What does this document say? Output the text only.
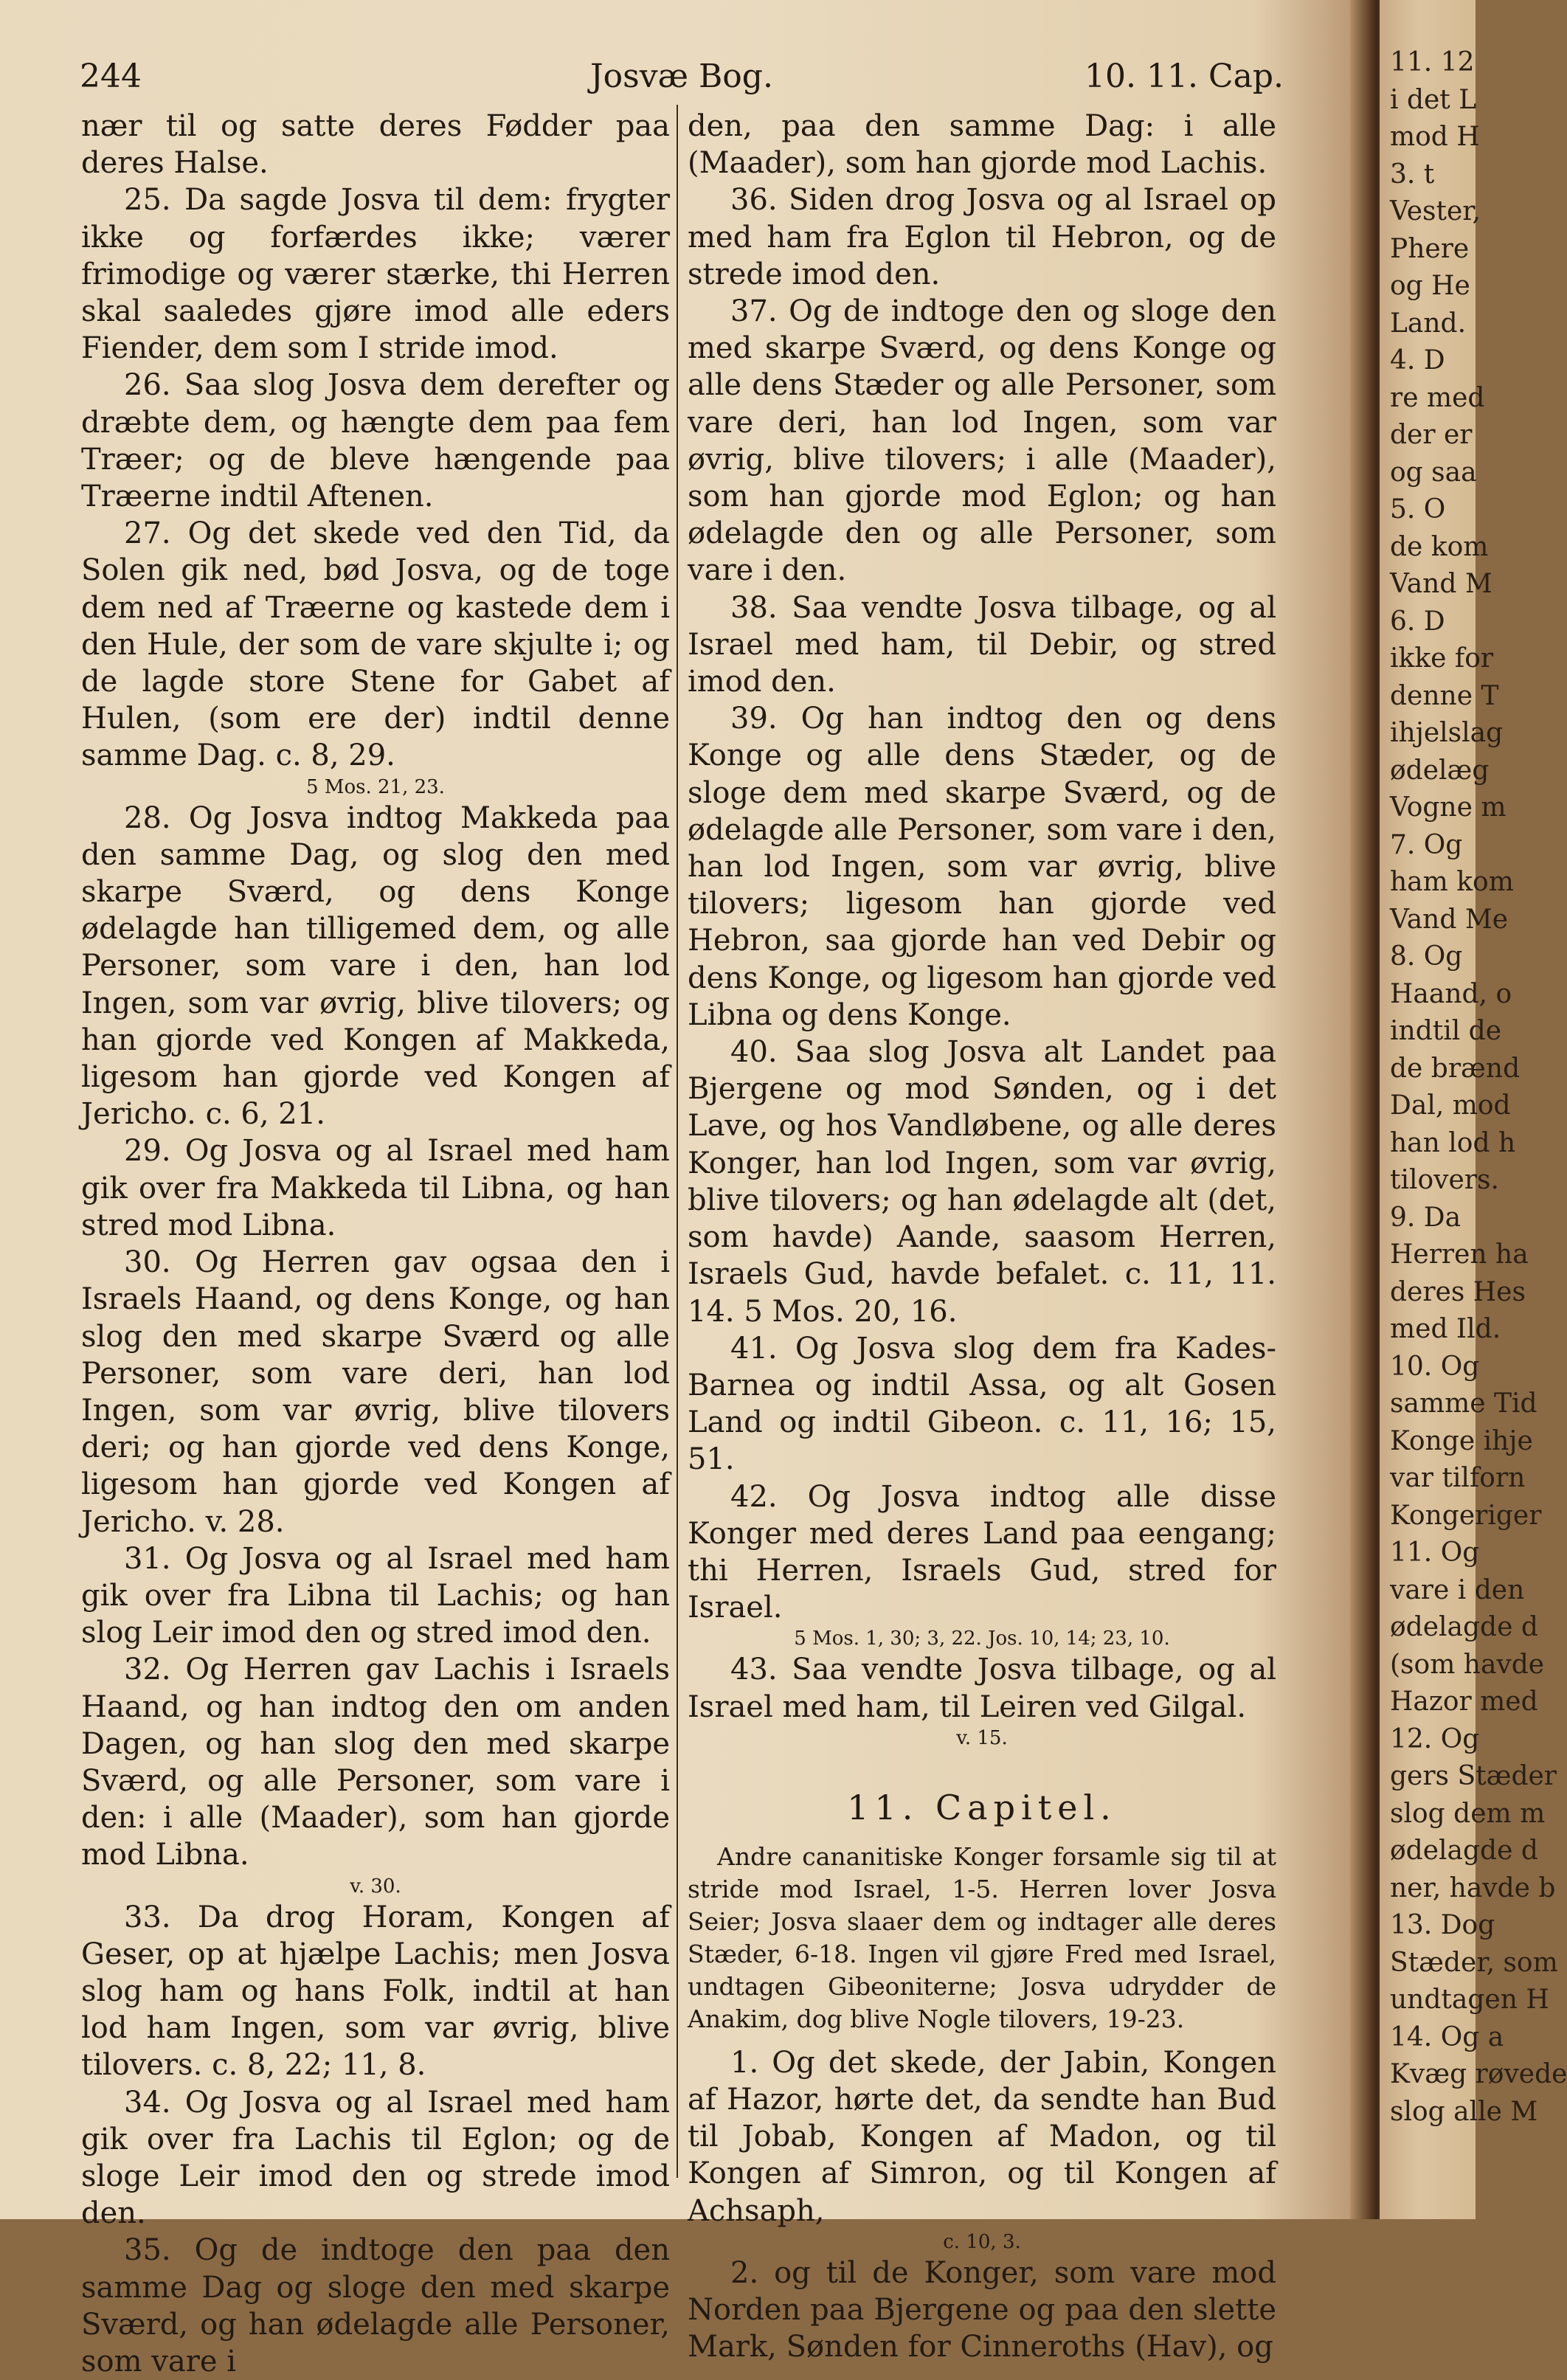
244	Josvæ Bog.	10. 11. Cap.

nær til og satte deres Fødder paa deres Halse.

25. Da sagde Josva til dem: frygter ikke og forfærdes ikke; værer frimodige og værer stærke, thi Herren skal saaledes gjøre imod alle eders Fiender, dem som I stride imod.

26. Saa slog Josva dem derefter og dræbte dem, og hængte dem paa fem Træer; og de bleve hængende paa Træerne indtil Aftenen.

27. Og det skede ved den Tid, da Solen gik ned, bød Josva, og de toge dem ned af Træerne og kastede dem i den Hule, der som de vare skjulte i; og de lagde store Stene for Gabet af Hulen, (som ere der) indtil denne samme Dag. c. 8, 29.

5 Mos. 21, 23.

28. Og Josva indtog Makkeda paa den samme Dag, og slog den med skarpe Sværd, og dens Konge ødelagde han tilligemed dem, og alle Personer, som vare i den, han lod Ingen, som var øvrig, blive tilovers; og han gjorde ved Kongen af Makkeda, ligesom han gjorde ved Kongen af Jericho. c. 6, 21.

29. Og Josva og al Israel med ham gik over fra Makkeda til Libna, og han stred mod Libna.

30. Og Herren gav ogsaa den i Israels Haand, og dens Konge, og han slog den med skarpe Sværd og alle Personer, som vare deri, han lod Ingen, som var øvrig, blive tilovers deri; og han gjorde ved dens Konge, ligesom han gjorde ved Kongen af Jericho. v. 28.

31. Og Josva og al Israel med ham gik over fra Libna til Lachis; og han slog Leir imod den og stred imod den.

32. Og Herren gav Lachis i Israels Haand, og han indtog den om anden Dagen, og han slog den med skarpe Sværd, og alle Personer, som vare i den: i alle (Maader), som han gjorde mod Libna.

v. 30.

33. Da drog Horam, Kongen af Geser, op at hjælpe Lachis; men Josva slog ham og hans Folk, indtil at han lod ham Ingen, som var øvrig, blive tilovers. c. 8, 22; 11, 8.

34. Og Josva og al Israel med ham gik over fra Lachis til Eglon; og de sloge Leir imod den og strede imod den.

35. Og de indtoge den paa den samme Dag og sloge den med skarpe Sværd, og han ødelagde alle Personer, som vare i

den, paa den samme Dag: i alle (Maader), som han gjorde mod Lachis.

36. Siden drog Josva og al Israel op med ham fra Eglon til Hebron, og de strede imod den.

37. Og de indtoge den og sloge den med skarpe Sværd, og dens Konge og alle dens Stæder og alle Personer, som vare deri, han lod Ingen, som var øvrig, blive tilovers; i alle (Maader), som han gjorde mod Eglon; og han ødelagde den og alle Personer, som vare i den.

38. Saa vendte Josva tilbage, og al Israel med ham, til Debir, og stred imod den.

39. Og han indtog den og dens Konge og alle dens Stæder, og de sloge dem med skarpe Sværd, og de ødelagde alle Personer, som vare i den, han lod Ingen, som var øvrig, blive tilovers; ligesom han gjorde ved Hebron, saa gjorde han ved Debir og dens Konge, og ligesom han gjorde ved Libna og dens Konge.

40. Saa slog Josva alt Landet paa Bjergene og mod Sønden, og i det Lave, og hos Vandløbene, og alle deres Konger, han lod Ingen, som var øvrig, blive tilovers; og han ødelagde alt (det, som havde) Aande, saasom Herren, Israels Gud, havde befalet. c. 11, 11. 14. 5 Mos. 20, 16.

41. Og Josva slog dem fra Kades-Barnea og indtil Assa, og alt Gosen Land og indtil Gibeon. c. 11, 16; 15, 51.

42. Og Josva indtog alle disse Konger med deres Land paa eengang; thi Herren, Israels Gud, stred for Israel.

5 Mos. 1, 30; 3, 22. Jos. 10, 14; 23, 10.

43. Saa vendte Josva tilbage, og al Israel med ham, til Leiren ved Gilgal.

v. 15.

11. Capitel.

Andre cananitiske Konger forsamle sig til at stride mod Israel, 1-5. Herren lover Josva Seier; Josva slaaer dem og indtager alle deres Stæder, 6-18. Ingen vil gjøre Fred med Israel, undtagen Gibeoniterne; Josva udrydder de Anakim, dog blive Nogle tilovers, 19-23.

1. Og det skede, der Jabin, Kongen af Hazor, hørte det, da sendte han Bud til Jobab, Kongen af Madon, og til Kongen af Simron, og til Kongen af Achsaph,

c. 10, 3.

2. og til de Konger, som vare mod Norden paa Bjergene og paa den slette Mark, Sønden for Cinneroths (Hav), og

11. 12
i det L
mod H
3. t
Vester,
Phere
og He
Land.
4. D
re med
der er
og saa
5. O
de kom
Vand M
6. D
ikke for
denne T
ihjelslag
ødelæg
Vogne m
7. Og
ham kom
Vand Me
8. Og
Haand, o
indtil de
de brænd
Dal, mod
han lod h
tilovers.
9. Da
Herren ha
deres Hes
med Ild.
10. Og
samme Tid
Konge ihje
var tilforn
Kongeriger
11. Og
vare i den
ødelagde d
(som havde
Hazor med
12. Og
gers Stæder
slog dem m
ødelagde d
ner, havde b
13. Dog
Stæder, som
undtagen H
14. Og a
Kvæg røvede
slog alle M
